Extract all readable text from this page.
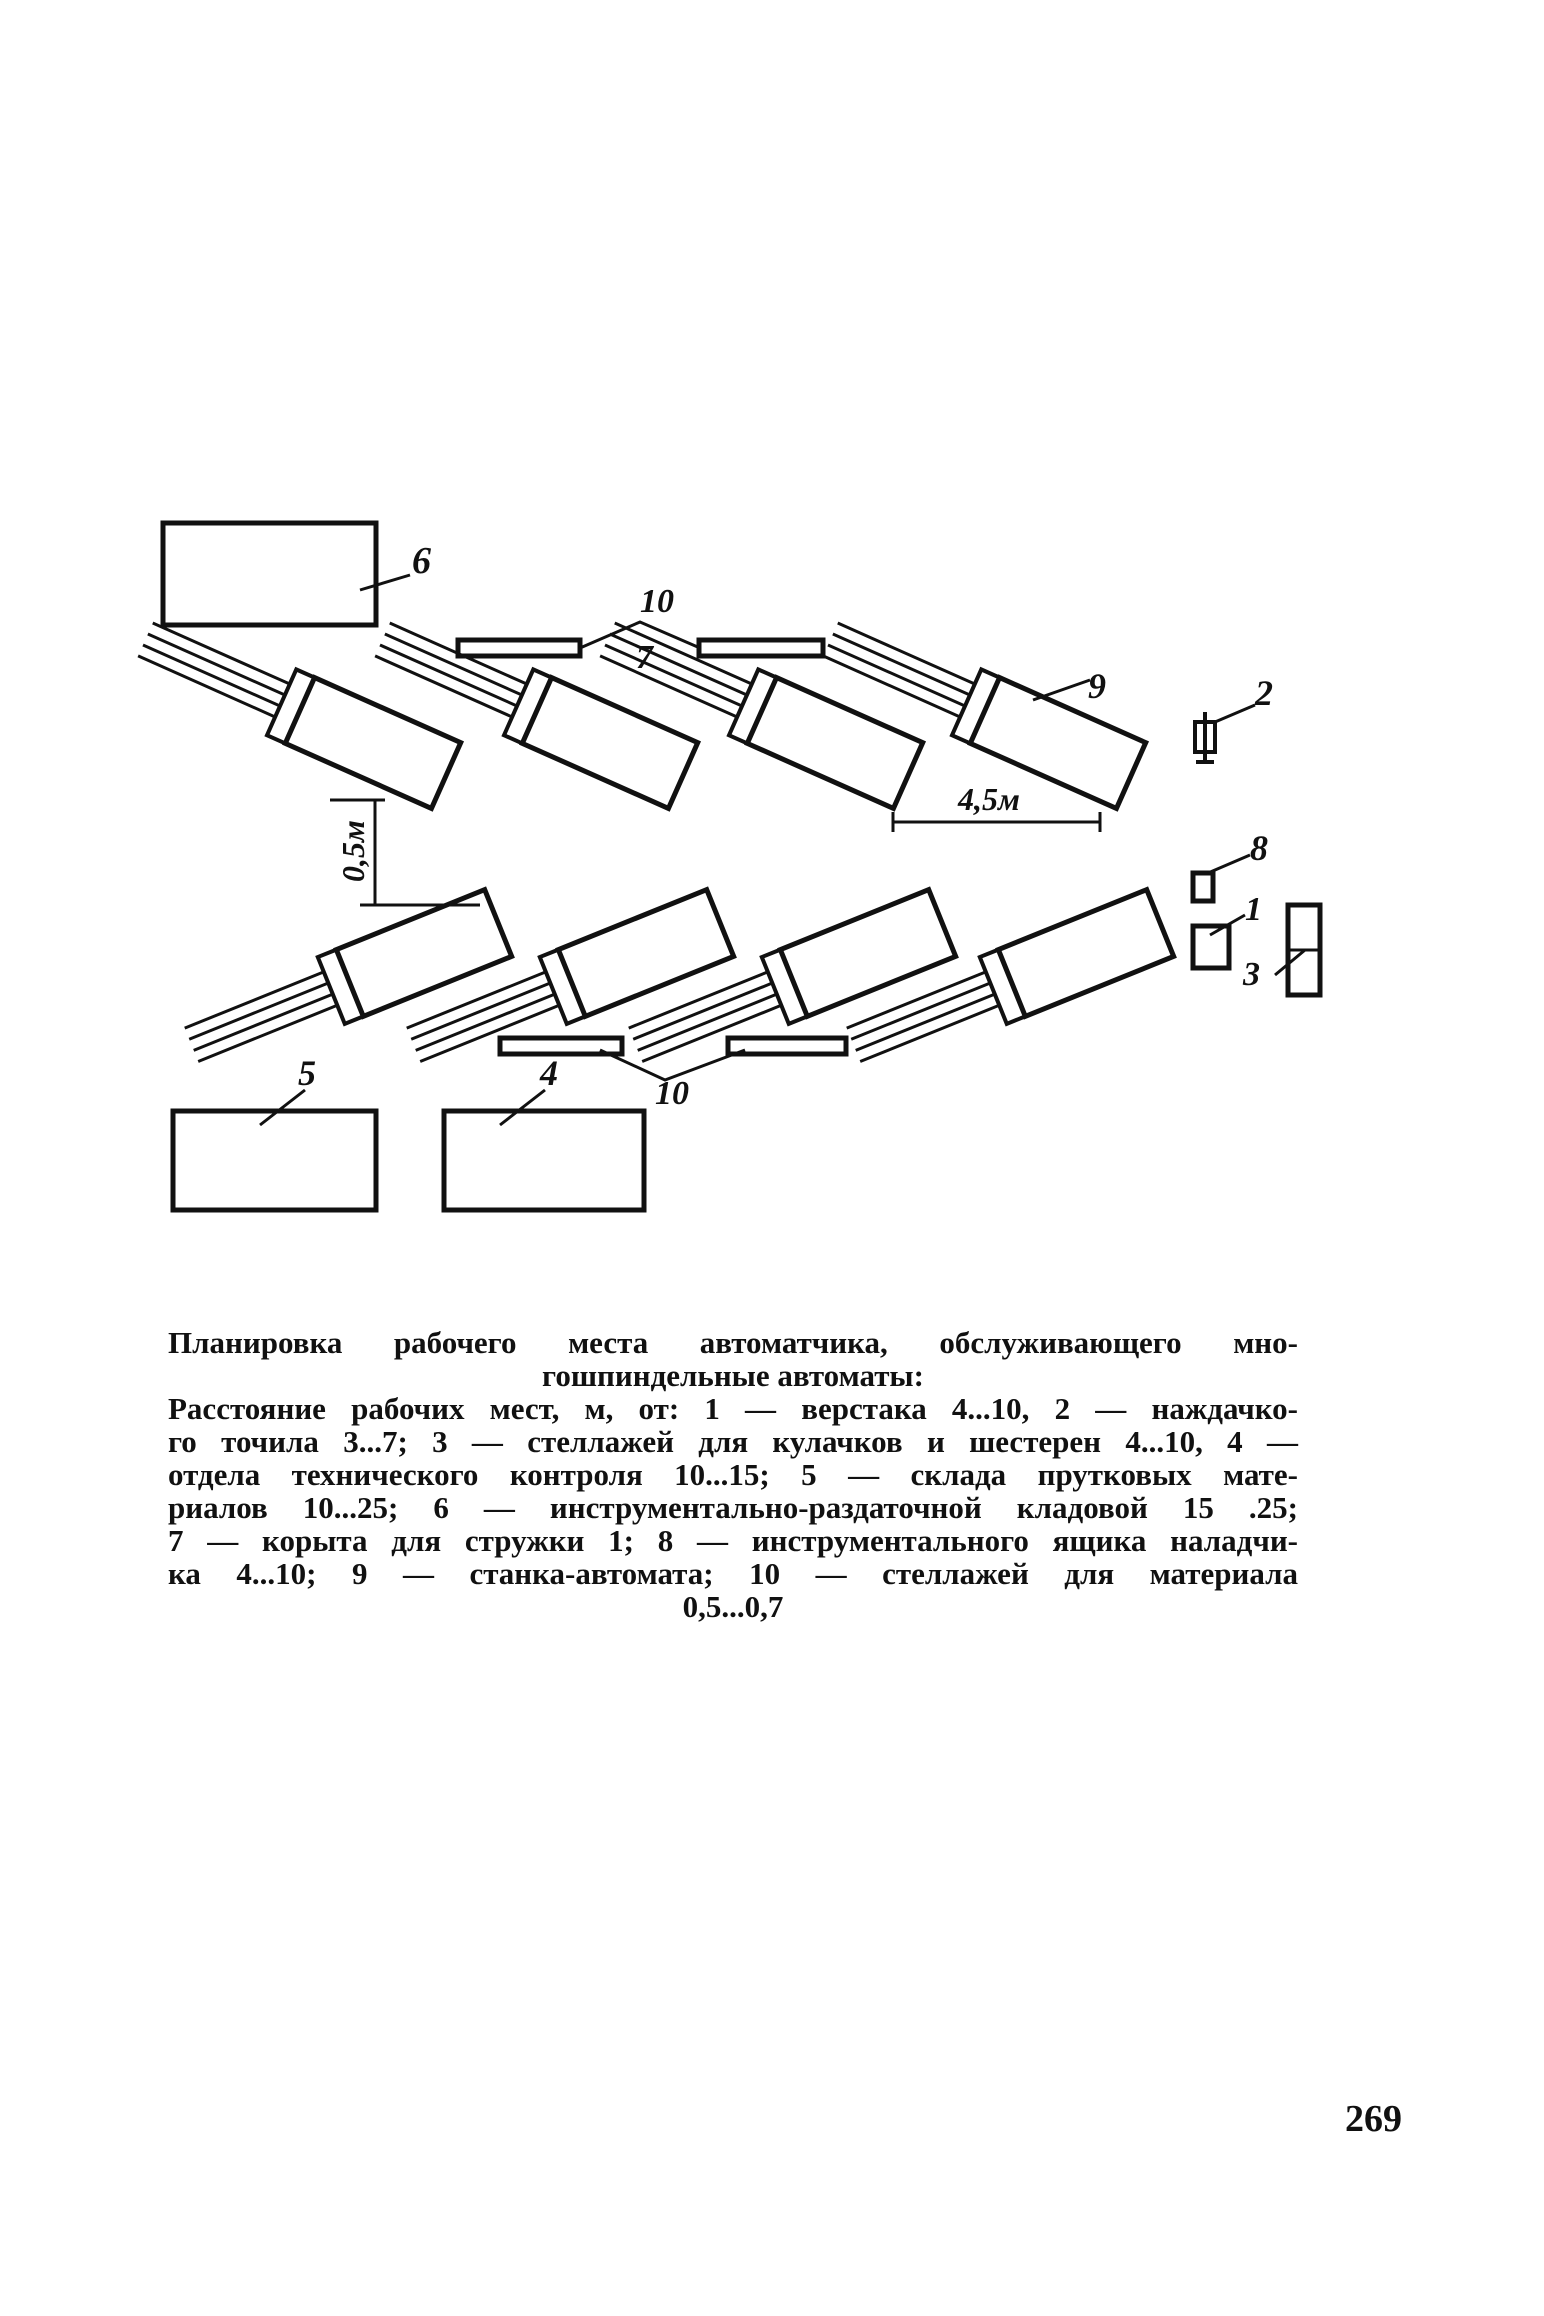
6
10
7
9	2
4,5м
0,5м	8
1
3
5	4
10
Планировка рабочего места автоматчика, обслуживающего мно-
гошпиндельные автоматы:
Расстояние рабочих мест, м, от: 1 — верстака 4...10, 2 — наждачко-
го точила 3...7; 3 — стеллажей для кулачков и шестерен 4...10, 4 —
отдела технического контроля 10...15; 5 — склада прутковых мате-
риалов 10...25; 6 — инструментально-раздаточной кладовой 15 .25;
7 — корыта для стружки 1; 8 — инструментального ящика наладчи-
ка 4...10; 9 — станка-автомата; 10 — стеллажей для материала
0,5...0,7
269
